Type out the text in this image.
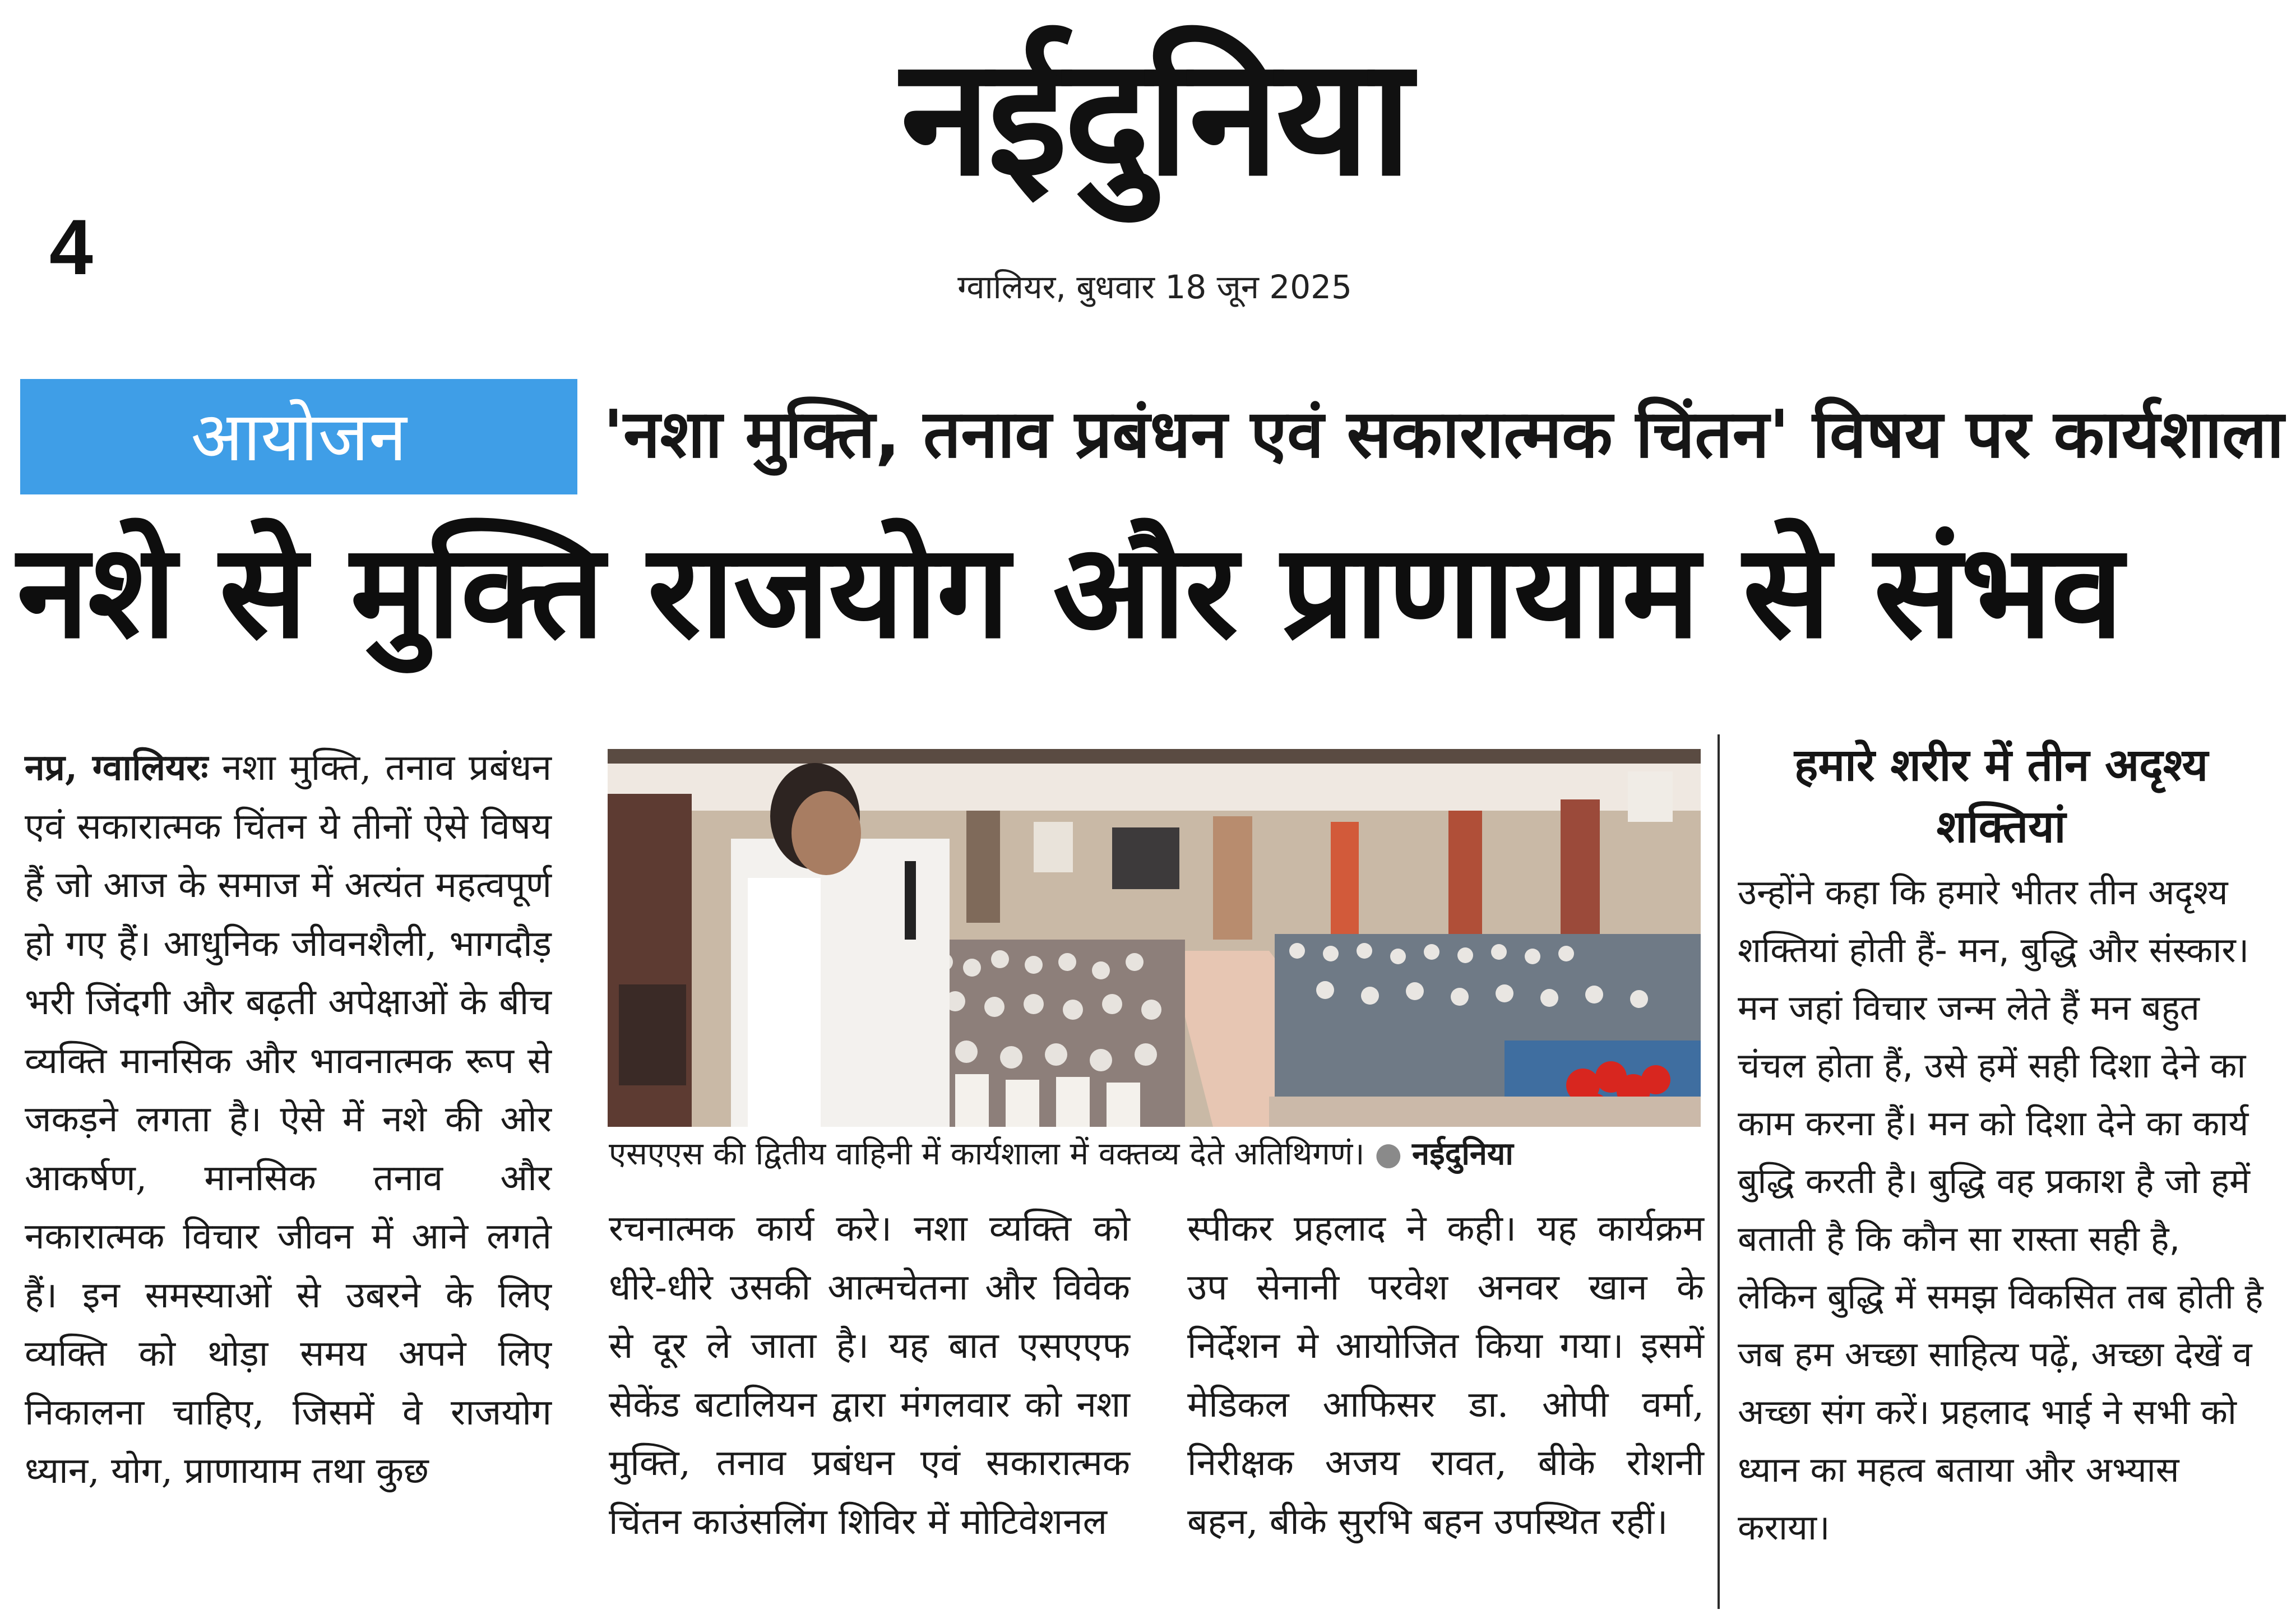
नईदुनिया
4	ग्वालियर, बुधवार 18 जून 2025
आयोजन	'नशा मुक्ति, तनाव प्रबंधन एवं सकारात्मक चिंतन' विषय पर कार्यशाला
नशे से मुक्ति राजयोग और प्राणायाम से संभव
नप्र, ग्वालियरः नशा मुक्ति, तनाव प्रबंधन एवं सकारात्मक चिंतन ये तीनों ऐसे विषय हैं जो आज के समाज में अत्यंत महत्वपूर्ण हो गए हैं। आधुनिक जीवनशैली, भागदौड़ भरी जिंदगी और बढ़ती अपेक्षाओं के बीच व्यक्ति मानसिक और भावनात्मक रूप से जकड़ने लगता है। ऐसे में नशे की ओर आकर्षण, मानसिक तनाव और नकारात्मक विचार जीवन में आने लगते हैं। इन समस्याओं से उबरने के लिए व्यक्ति को थोड़ा समय अपने लिए निकालना चाहिए, जिसमें वे राजयोग ध्यान, योग, प्राणायाम तथा कुछ
एसएएस की द्वितीय वाहिनी में कार्यशाला में वक्तव्य देते अतिथिगणं। ● नईदुनिया
रचनात्मक कार्य करे। नशा व्यक्ति को धीरे-धीरे उसकी आत्मचेतना और विवेक से दूर ले जाता है। यह बात एसएएफ सेकेंड बटालियन द्वारा मंगलवार को नशा मुक्ति, तनाव प्रबंधन एवं सकारात्मक चिंतन काउंसलिंग शिविर में मोटिवेशनल
स्पीकर प्रहलाद ने कही। यह कार्यक्रम उप सेनानी परवेश अनवर खान के निर्देशन मे आयोजित किया गया। इसमें मेडिकल आफिसर डा. ओपी वर्मा, निरीक्षक अजय रावत, बीके रोशनी बहन, बीके सुरभि बहन उपस्थित रहीं।
हमारे शरीर में तीन अदृश्य शक्तियां
उन्होंने कहा कि हमारे भीतर तीन अदृश्य शक्तियां होती हैं- मन, बुद्धि और संस्कार। मन जहां विचार जन्म लेते हैं मन बहुत चंचल होता हैं, उसे हमें सही दिशा देने का काम करना हैं। मन को दिशा देने का कार्य बुद्धि करती है। बुद्धि वह प्रकाश है जो हमें बताती है कि कौन सा रास्ता सही है, लेकिन बुद्धि में समझ विकसित तब होती है जब हम अच्छा साहित्य पढ़ें, अच्छा देखें व अच्छा संग करें। प्रहलाद भाई ने सभी को ध्यान का महत्व बताया और अभ्यास कराया।
